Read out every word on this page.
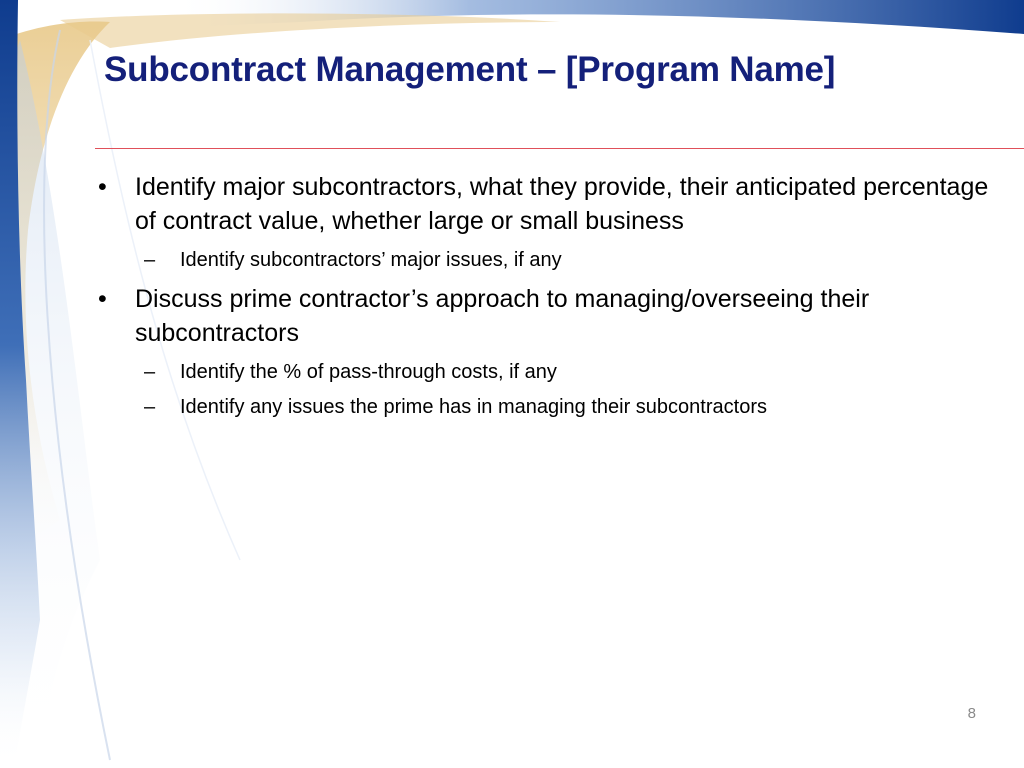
Subcontract Management – [Program Name]
•	Identify major subcontractors, what they provide, their anticipated percentage of contract value, whether large or small business
– Identify subcontractors’ major issues, if any
•	Discuss prime contractor’s approach to managing/overseeing their subcontractors
– Identify the % of pass-through costs, if any
– Identify any issues the prime has in managing their subcontractors
8
